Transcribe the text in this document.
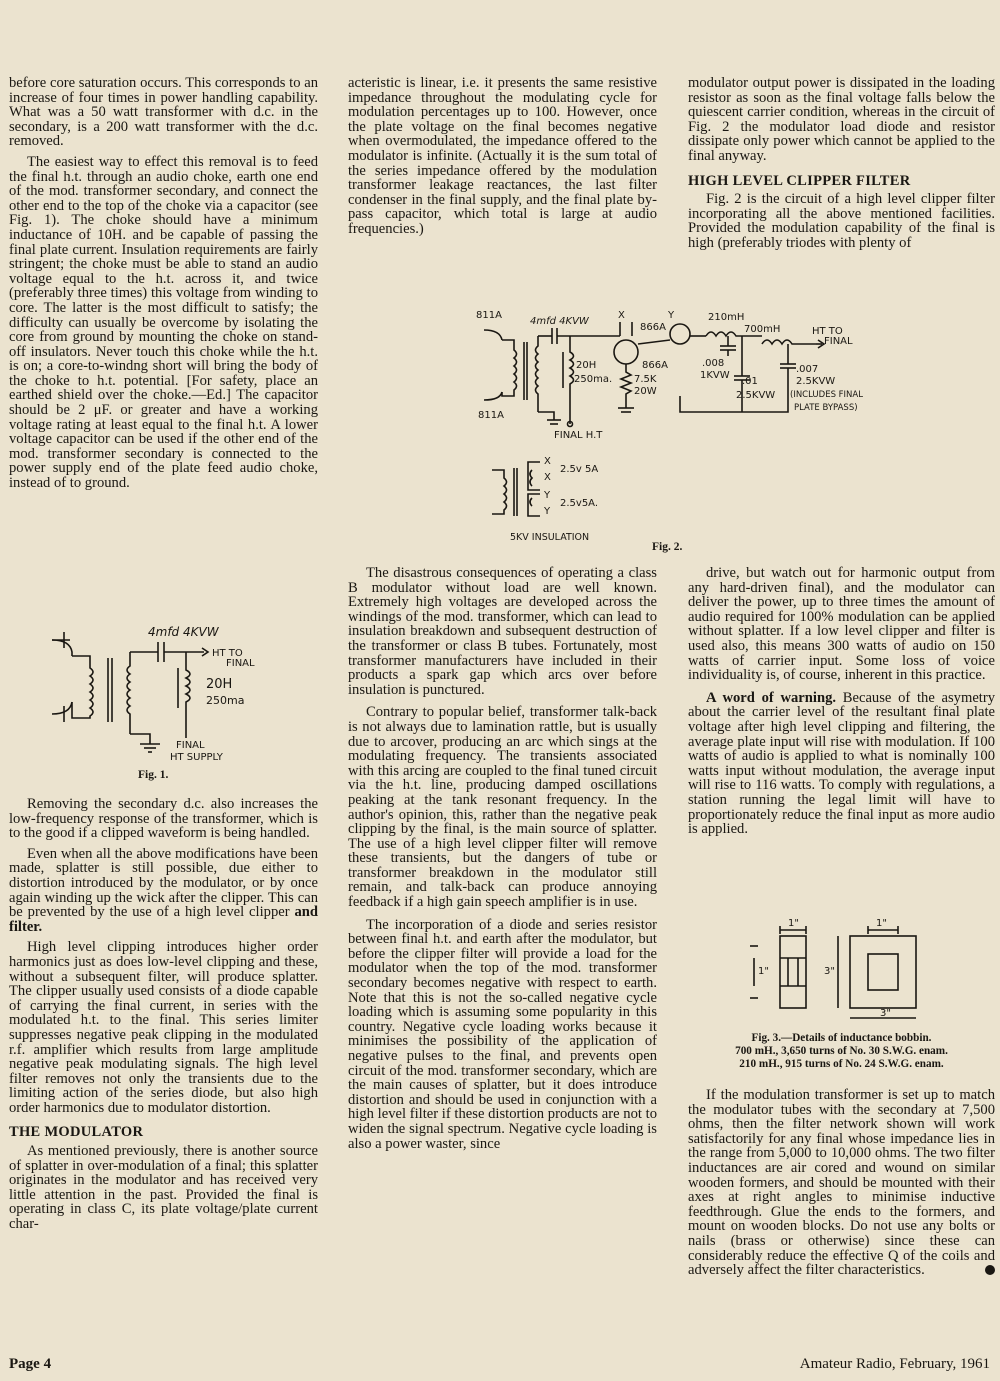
before core saturation occurs. This corresponds to an increase of four times in power handling capability. What was a 50 watt transformer with d.c. in the secondary, is a 200 watt transformer with the d.c. removed.

The easiest way to effect this removal is to feed the final h.t. through an audio choke, earth one end of the mod. transformer secondary, and connect the other end to the top of the choke via a capacitor (see Fig. 1). The choke should have a minimum inductance of 10H. and be capable of passing the final plate current. Insulation requirements are fairly stringent; the choke must be able to stand an audio voltage equal to the h.t. across it, and twice (preferably three times) this voltage from winding to core. The latter is the most difficult to satisfy; the difficulty can usually be overcome by isolating the core from ground by mounting the choke on stand-off insulators. Never touch this choke while the h.t. is on; a core-to-windng short will bring the body of the choke to h.t. potential. [For safety, place an earthed shield over the choke.—Ed.] The capacitor should be 2 μF. or greater and have a working voltage rating at least equal to the final h.t. A lower voltage capacitor can be used if the other end of the mod. transformer secondary is connected to the power supply end of the plate feed audio choke, instead of to ground.

20H
250ma
4mfd 4KVW
HT TO
FINAL
FINAL
HT SUPPLY
Fig. 1.

Removing the secondary d.c. also increases the low-frequency response of the transformer, which is to the good if a clipped waveform is being handled.

Even when all the above modifications have been made, splatter is still possible, due either to distortion introduced by the modulator, or by once again winding up the wick after the clipper. This can be prevented by the use of a high level clipper and filter.

High level clipping introduces higher order harmonics just as does low-level clipping and these, without a subsequent filter, will produce splatter. The clipper usually used consists of a diode capable of carrying the final current, in series with the modulated h.t. to the final. This series limiter suppresses negative peak clipping in the modulated r.f. amplifier which results from large amplitude negative peak modulating signals. The high level filter removes not only the transients due to the limiting action of the series diode, but also high order harmonics due to modulator distortion.

THE MODULATOR

As mentioned previously, there is another source of splatter in over-modulation of a final; this splatter originates in the modulator and has received very little attention in the past. Provided the final is operating in class C, its plate voltage/plate current char-

acteristic is linear, i.e. it presents the same resistive impedance throughout the modulating cycle for modulation percentages up to 100. However, once the plate voltage on the final becomes negative when overmodulated, the impedance offered to the modulator is infinite. (Actually it is the sum total of the series impedance offered by the modulation transformer leakage reactances, the last filter condenser in the final supply, and the final plate by-pass capacitor, which total is large at audio frequencies.)

modulator output power is dissipated in the loading resistor as soon as the final voltage falls below the quiescent carrier condition, whereas in the circuit of Fig. 2 the modulator load diode and resistor dissipate only power which cannot be applied to the final anyway.

HIGH LEVEL CLIPPER FILTER

Fig. 2 is the circuit of a high level clipper filter incorporating all the above mentioned facilities. Provided the modulation capability of the final is high (preferably triodes with plenty of

811A
811A
4mfd 4KVW
20H
250ma.
FINAL H.T
866A
866A
X	Y
7.5K
20W
210mH
700mH	HT TO
FINAL
.008
1KVW
.01
2.5KVW
.007
2.5KVW
(INCLUDES FINAL
PLATE BYPASS)
X
X
2.5v 5A
Y
Y
2.5v5A.
5KV INSULATION
Fig. 2.

The disastrous consequences of operating a class B modulator without load are well known. Extremely high voltages are developed across the windings of the mod. transformer, which can lead to insulation breakdown and subsequent destruction of the transformer or class B tubes. Fortunately, most transformer manufacturers have included in their products a spark gap which arcs over before insulation is punctured.

Contrary to popular belief, transformer talk-back is not always due to lamination rattle, but is usually due to arcover, producing an arc which sings at the modulating frequency. The transients associated with this arcing are coupled to the final tuned circuit via the h.t. line, producing damped oscillations peaking at the tank resonant frequency. In the author's opinion, this, rather than the negative peak clipping by the final, is the main source of splatter. The use of a high level clipper filter will remove these transients, but the dangers of tube or transformer breakdown in the modulator still remain, and talk-back can produce annoying feedback if a high gain speech amplifier is in use.

The incorporation of a diode and series resistor between final h.t. and earth after the modulator, but before the clipper filter will provide a load for the modulator when the top of the mod. transformer secondary becomes negative with respect to earth. Note that this is not the so-called negative cycle loading which is assuming some popularity in this country. Negative cycle loading works because it minimises the possibility of the application of negative pulses to the final, and prevents open circuit of the mod. transformer secondary, which are the main causes of splatter, but it does introduce distortion and should be used in conjunction with a high level filter if these distortion products are not to widen the signal spectrum. Negative cycle loading is also a power waster, since

drive, but watch out for harmonic output from any hard-driven final), and the modulator can deliver the power, up to three times the amount of audio required for 100% modulation can be applied without splatter. If a low level clipper and filter is used also, this means 300 watts of audio on 150 watts of carrier input. Some loss of voice individuality is, of course, inherent in this practice.

A word of warning. Because of the asymetry about the carrier level of the resultant final plate voltage after high level clipping and filtering, the average plate input will rise with modulation. If 100 watts of audio is applied to what is nominally 100 watts input without modulation, the average input will rise to 116 watts. To comply with regulations, a station running the legal limit will have to proportionately reduce the final input as more audio is applied.

1"
1"
1"
3"
3"
Fig. 3.—Details of inductance bobbin.
700 mH., 3,650 turns of No. 30 S.W.G. enam.
210 mH., 915 turns of No. 24 S.W.G. enam.

If the modulation transformer is set up to match the modulator tubes with the secondary at 7,500 ohms, then the filter network shown will work satisfactorily for any final whose impedance lies in the range from 5,000 to 10,000 ohms. The two filter inductances are air cored and wound on similar wooden formers, and should be mounted with their axes at right angles to minimise inductive feedthrough. Glue the ends to the formers, and mount on wooden blocks. Do not use any bolts or nails (brass or otherwise) since these can considerably reduce the effective Q of the coils and adversely affect the filter characteristics.

Page 4	Amateur Radio, February, 1961
